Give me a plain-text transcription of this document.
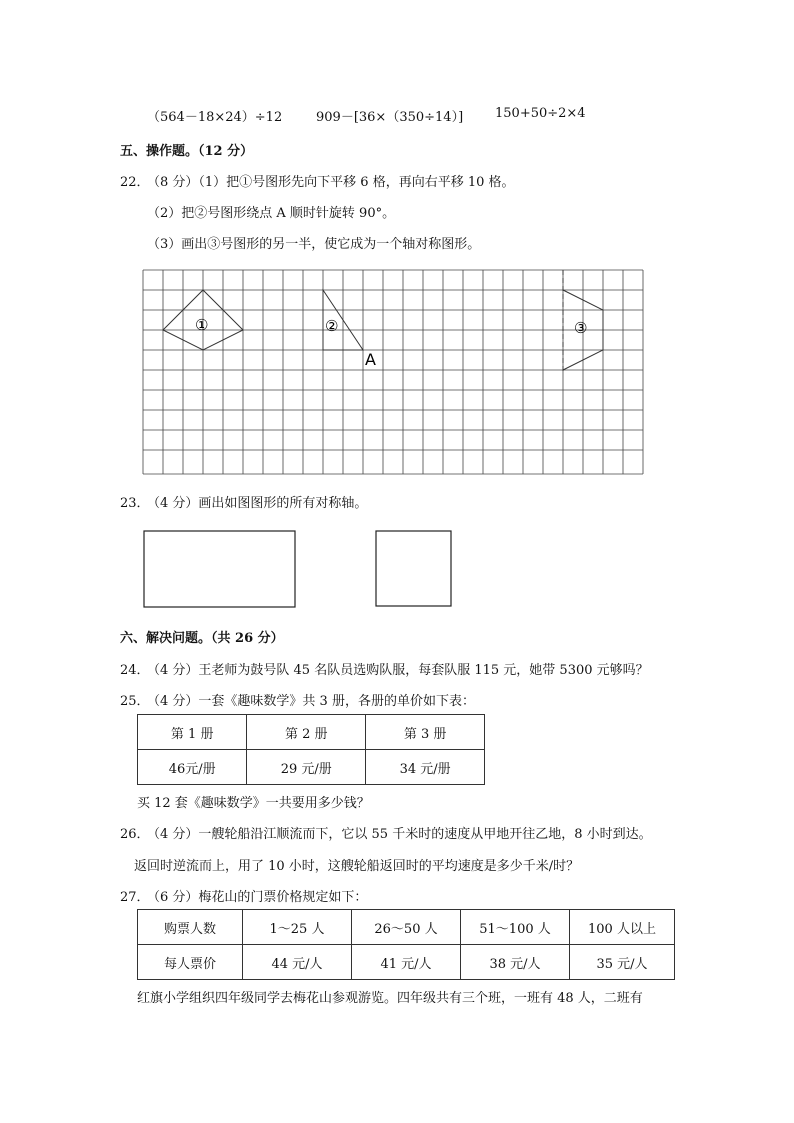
（564－18×24）÷12	909－[36×（350÷14）] 150+50÷2×4
五、操作题。（12 分）
22．
（8 分）（1）把①号图形先向下平移 6 格，再向右平移 10 格。
（2）把②号图形绕点 A 顺时针旋转 90°。
（3）画出③号图形的另一半，使它成为一个轴对称图形。
①	②	③
A
23．
（4 分）画出如图图形的所有对称轴。
六、解决问题。（共 26 分）
24．
（4 分）王老师为鼓号队 45 名队员选购队服，每套队服 115 元，她带 5300 元够吗？
25．
（4 分）一套《趣味数学》共 3 册，各册的单价如下表：
第 1 册	第 2 册	第 3 册
46元/册	29 元/册	34 元/册
买 12 套《趣味数学》一共要用多少钱？
26．
（4 分）一艘轮船沿江顺流而下，它以 55 千米时的速度从甲地开往乙地，8 小时到达。
返回时逆流而上，用了 10 小时，这艘轮船返回时的平均速度是多少千米/时？
27．
（6 分）梅花山的门票价格规定如下：
购票人数	1～25 人	26～50 人	51～100 人	100 人以上
每人票价	44 元/人	41 元/人	38 元/人	35 元/人
红旗小学组织四年级同学去梅花山参观游览。四年级共有三个班，一班有 48 人，二班有
